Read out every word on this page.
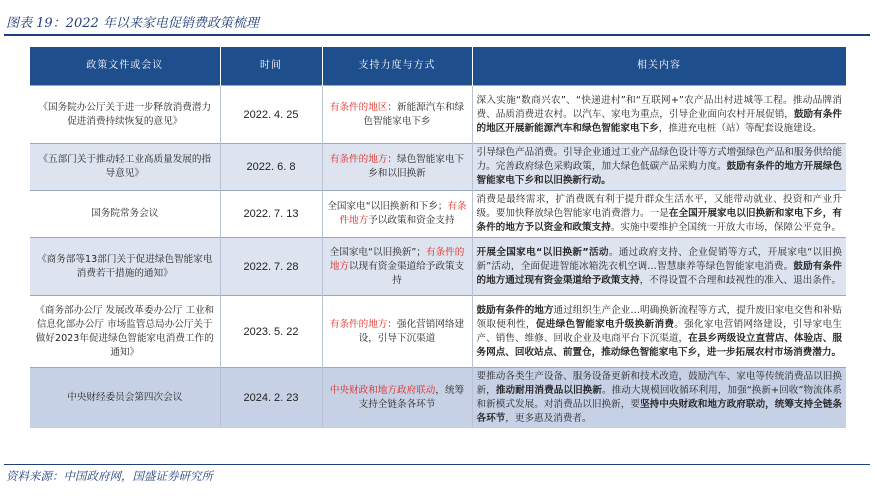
图表 19：2022 年以来家电促销费政策梳理
政策文件或会议	时间	支持力度与方式	相关内容
《国务院办公厅关于进一步释放消费潜力促进消费持续恢复的意见》	2022. 4. 25	有条件的地区：新能源汽车和绿色智能家电下乡	深入实施“数商兴农”、“快递进村”和“互联网+”农产品出村进城等工程。推动品牌消费、品质消费进农村。以汽车、家电为重点，引导企业面向农村开展促销，鼓励有条件的地区开展新能源汽车和绿色智能家电下乡，推进充电桩（站）等配套设施建设。
《五部门关于推动轻工业高质量发展的指导意见》	2022. 6. 8	有条件的地方：绿色智能家电下乡和以旧换新	引导绿色产品消费。引导企业通过工业产品绿色设计等方式增强绿色产品和服务供给能力。完善政府绿色采购政策，加大绿色低碳产品采购力度。鼓励有条件的地方开展绿色智能家电下乡和以旧换新行动。
国务院常务会议	2022. 7. 13	全国家电“以旧换新和下乡；有条件地方予以政策和资金支持	消费是最终需求，扩消费既有利于提升群众生活水平，又能带动就业、投资和产业升级。要加快释放绿色智能家电消费潜力。一是在全国开展家电以旧换新和家电下乡，有条件的地方予以资金和政策支持。实施中要维护全国统一开放大市场，保障公平竞争。
《商务部等13部门关于促进绿色智能家电消费若干措施的通知》	2022. 7. 28	全国家电“以旧换新”；有条件的地方以现有资金渠道给予政策支持	开展全国家电“以旧换新”活动。通过政府支持、企业促销等方式，开展家电“以旧换新”活动，全面促进智能冰箱洗衣机空调…智慧康养等绿色智能家电消费。鼓励有条件的地方通过现有资金渠道给予政策支持，不得设置不合理和歧视性的准入、退出条件。
《商务部办公厅 发展改革委办公厅 工业和信息化部办公厅 市场监管总局办公厅关于做好2023年促进绿色智能家电消费工作的通知》	2023. 5. 22	有条件的地方：强化营销网络建设，引导下沉渠道	鼓励有条件的地方通过组织生产企业…明确换新流程等方式，提升废旧家电交售和补贴领取便利性，促进绿色智能家电升级换新消费。强化家电营销网络建设，引导家电生产、销售、维修、回收企业及电商平台下沉渠道，在县乡两级设立直营店、体验店、服务网点、回收站点、前置仓，推动绿色智能家电下乡，进一步拓展农村市场消费潜力。
中央财经委员会第四次会议	2024. 2. 23	中央财政和地方政府联动，统筹支持全链条各环节	要推动各类生产设备、服务设备更新和技术改造，鼓励汽车、家电等传统消费品以旧换新，推动耐用消费品以旧换新。推动大规模回收循环利用，加强“换新+回收”物流体系和新模式发展。对消费品以旧换新，要坚持中央财政和地方政府联动，统筹支持全链条各环节，更多惠及消费者。
资料来源：中国政府网，国盛证券研究所
